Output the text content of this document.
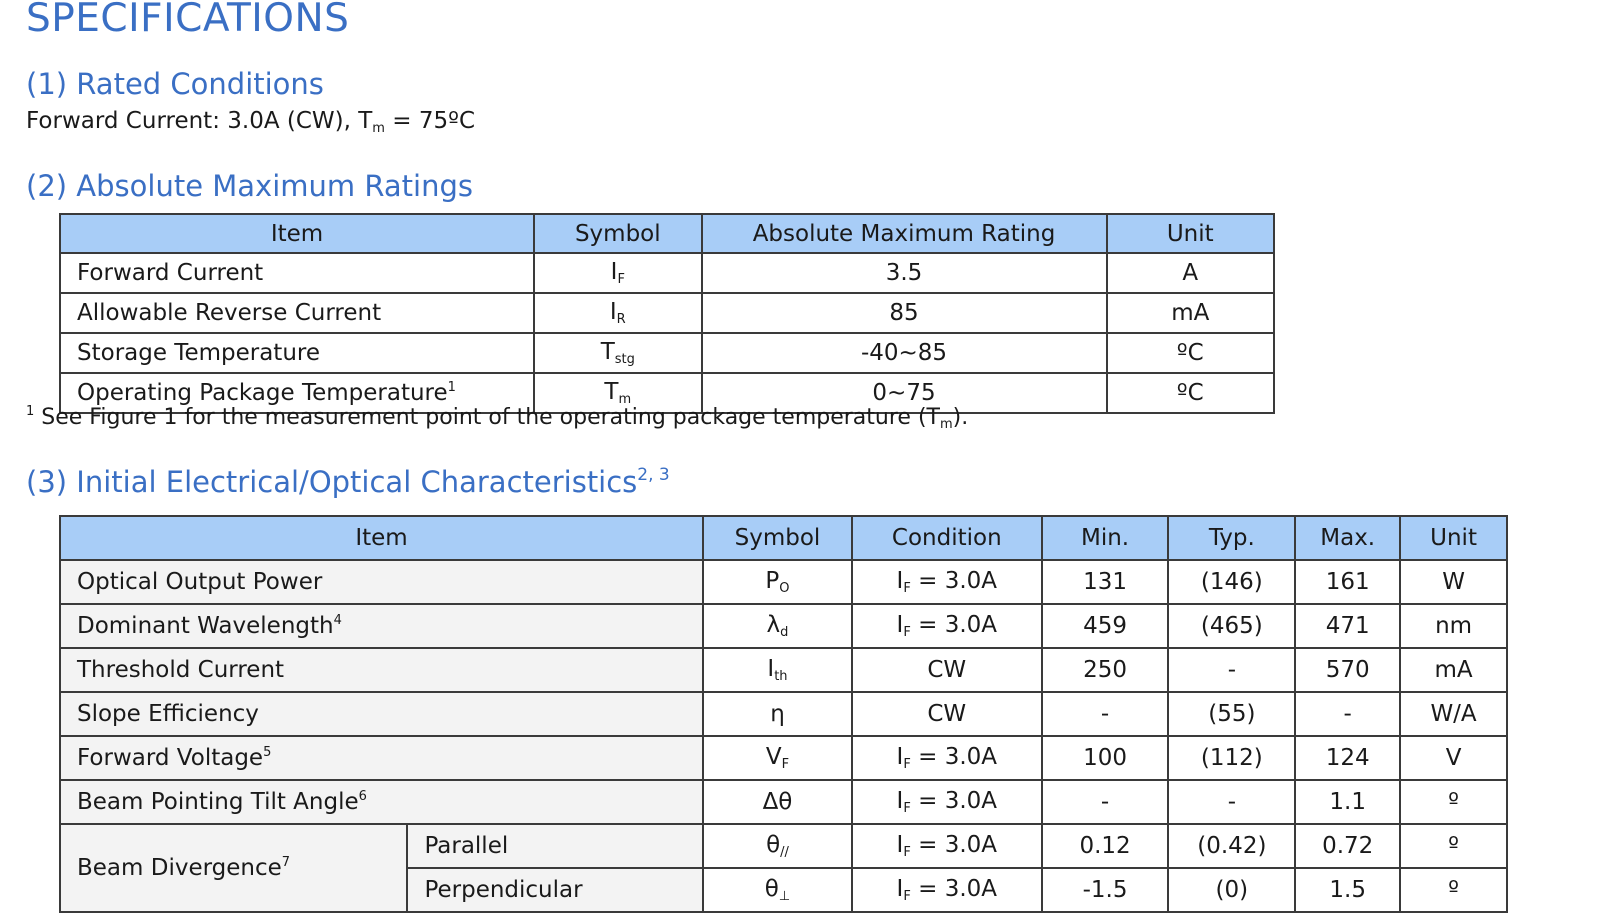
SPECIFICATIONS
(1) Rated Conditions
Forward Current: 3.0A (CW), $T_m$ = 75ºC
(2) Absolute Maximum Ratings
Item	Symbol	Absolute Maximum Rating	Unit
Forward Current	$I_F$	3.5	A
Allowable Reverse Current	$I_R$	85	mA
Storage Temperature	$T_{stg}$	-40~85	ºC
Operating Package Temperature$^1$	$T_m$	0~75	ºC
$^1$ See Figure 1 for the measurement point of the operating package temperature $(T_m)$.
(3) Initial Electrical/Optical Characteristics$^{2, 3}$
Item		Symbol	Condition	Min.	Typ.	Max.	Unit
Optical Output Power		$P_O$	$I_F = 3.0A$	131	(146)	161	W
Dominant Wavelength$^4$		$\lambda_d$	$I_F = 3.0A$	459	(465)	471	nm
Threshold Current		$I_{th}$	CW	250	-	570	mA
Slope Efficiency		η	CW	-	(55)	-	W/A
Forward Voltage$^5$		$V_F$	$I_F = 3.0A$	100	(112)	124	V
Beam Pointing Tilt Angle$^6$		Δθ	$I_F = 3.0A$	-	-	1.1	º
Beam Divergence$^7$	Parallel	$\theta_{//}$	$I_F = 3.0A$	0.12	(0.42)	0.72	º
	Perpendicular	$\theta_\perp$	$I_F = 3.0A$	-1.5	(0)	1.5	º
